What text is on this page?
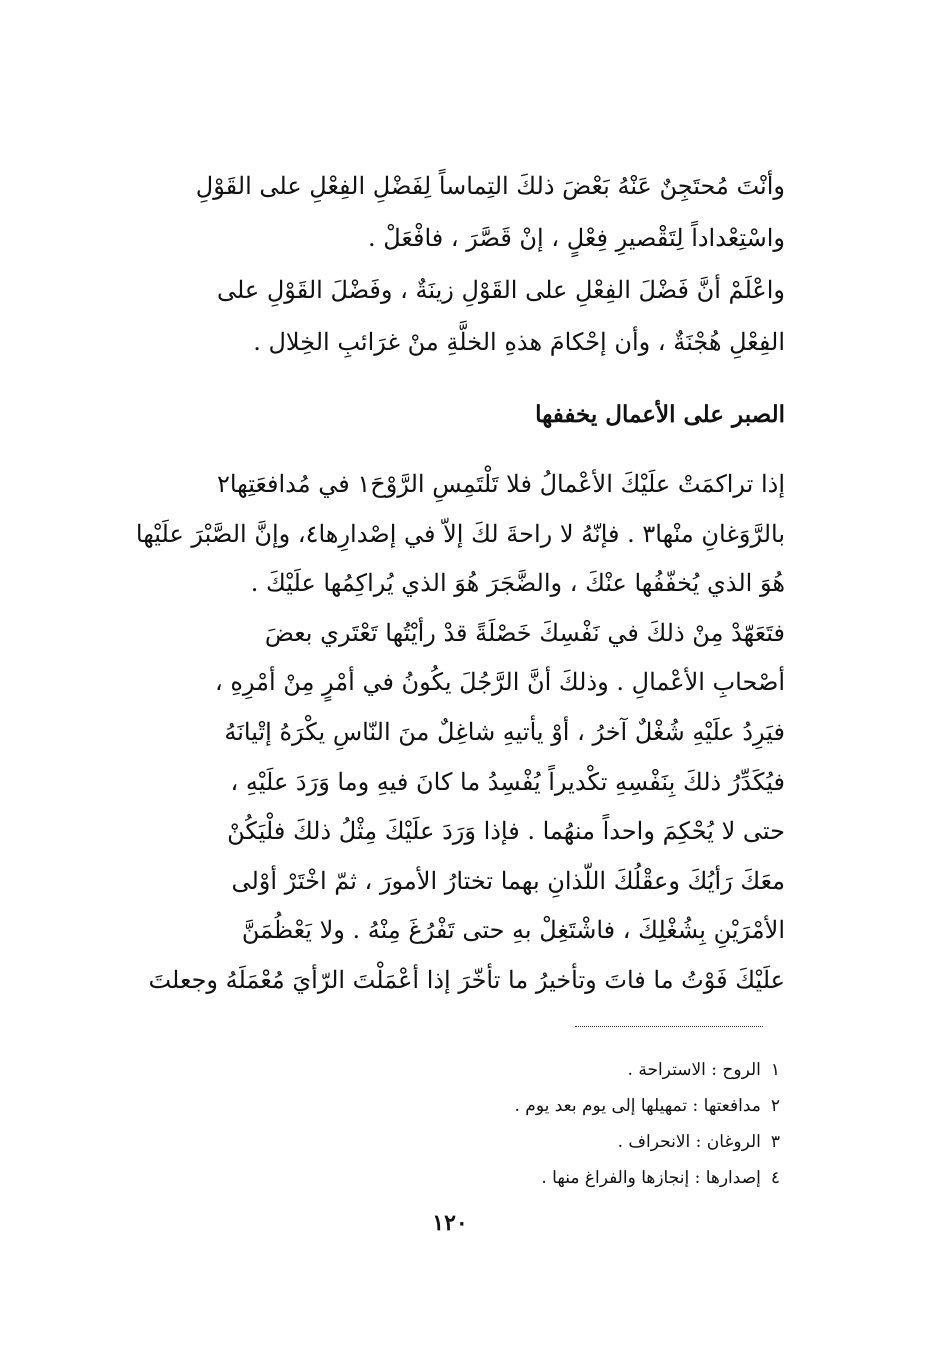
وأنْتَ مُحتَجِنٌ عَنْهُ بَعْضَ ذلكَ التِماساً لِفَضْلِ الفِعْلِ على القَوْلِ
واسْتِعْداداً لِتَقْصيرِ فِعْلٍ ، إنْ قَصَّرَ ، فافْعَلْ .
واعْلَمْ أنَّ فَضْلَ الفِعْلِ على القَوْلِ زينَةٌ ، وفَضْلَ القَوْلِ على
الفِعْلِ هُجْنَةٌ ، وأن إحْكامَ هذهِ الخلَّةِ منْ غرَائبِ الخِلال .
الصبر على الأعمال يخففها
إذا تراكمَتْ علَيْكَ الأعْمالُ فلا تَلْتَمِسِ الرَّوْحَ١ في مُدافعَتِها٢
بالرَّوَغانِ منْها٣ . فإنّهُ لا راحةَ لكَ إلاّ في إصْدارِها٤، وإنَّ الصَّبْرَ علَيْها
هُوَ الذي يُخفّفُها عنْكَ ، والضَّجَرَ هُوَ الذي يُراكِمُها علَيْكَ .
فتَعَهّدْ مِنْ ذلكَ في نَفْسِكَ خَصْلَةً قدْ رأيْتُها تَعْتَري بعضَ
أصْحابِ الأعْمالِ . وذلكَ أنَّ الرَّجُلَ يكُونُ في أمْرٍ مِنْ أمْرِهِ ،
فيَرِدُ علَيْهِ شُغْلٌ آخرُ ، أوْ يأتيهِ شاغِلٌ منَ النّاسِ يكْرَهُ إتْيانَهُ
فيُكَدِّرُ ذلكَ بِنَفْسِهِ تكْديراً يُفْسِدُ ما كانَ فيهِ وما وَرَدَ علَيْهِ ،
حتى لا يُحْكِمَ واحداً منهُما . فإذا وَرَدَ علَيْكَ مِثْلُ ذلكَ فلْيَكُنْ
معَكَ رَأيُكَ وعقْلُكَ اللّذانِ بهما تختارُ الأمورَ ، ثمّ اخْتَرْ أوْلى
الأمْرَيْنِ بِشُغْلِكَ ، فاشْتَغِلْ بهِ حتى تَفْرُغَ مِنْهُ . ولا يَعْظُمَنَّ
علَيْكَ فَوْتُ ما فاتَ وتأخيرُ ما تأخّرَ إذا أعْمَلْتَ الرّأيَ مُعْمَلَهُ وجعلتَ
١الروح : الاستراحة .
٢مدافعتها : تمهيلها إلى يوم بعد يوم .
٣الروغان : الانحراف .
٤إصدارها : إنجازها والفراغ منها .
١٢٠
